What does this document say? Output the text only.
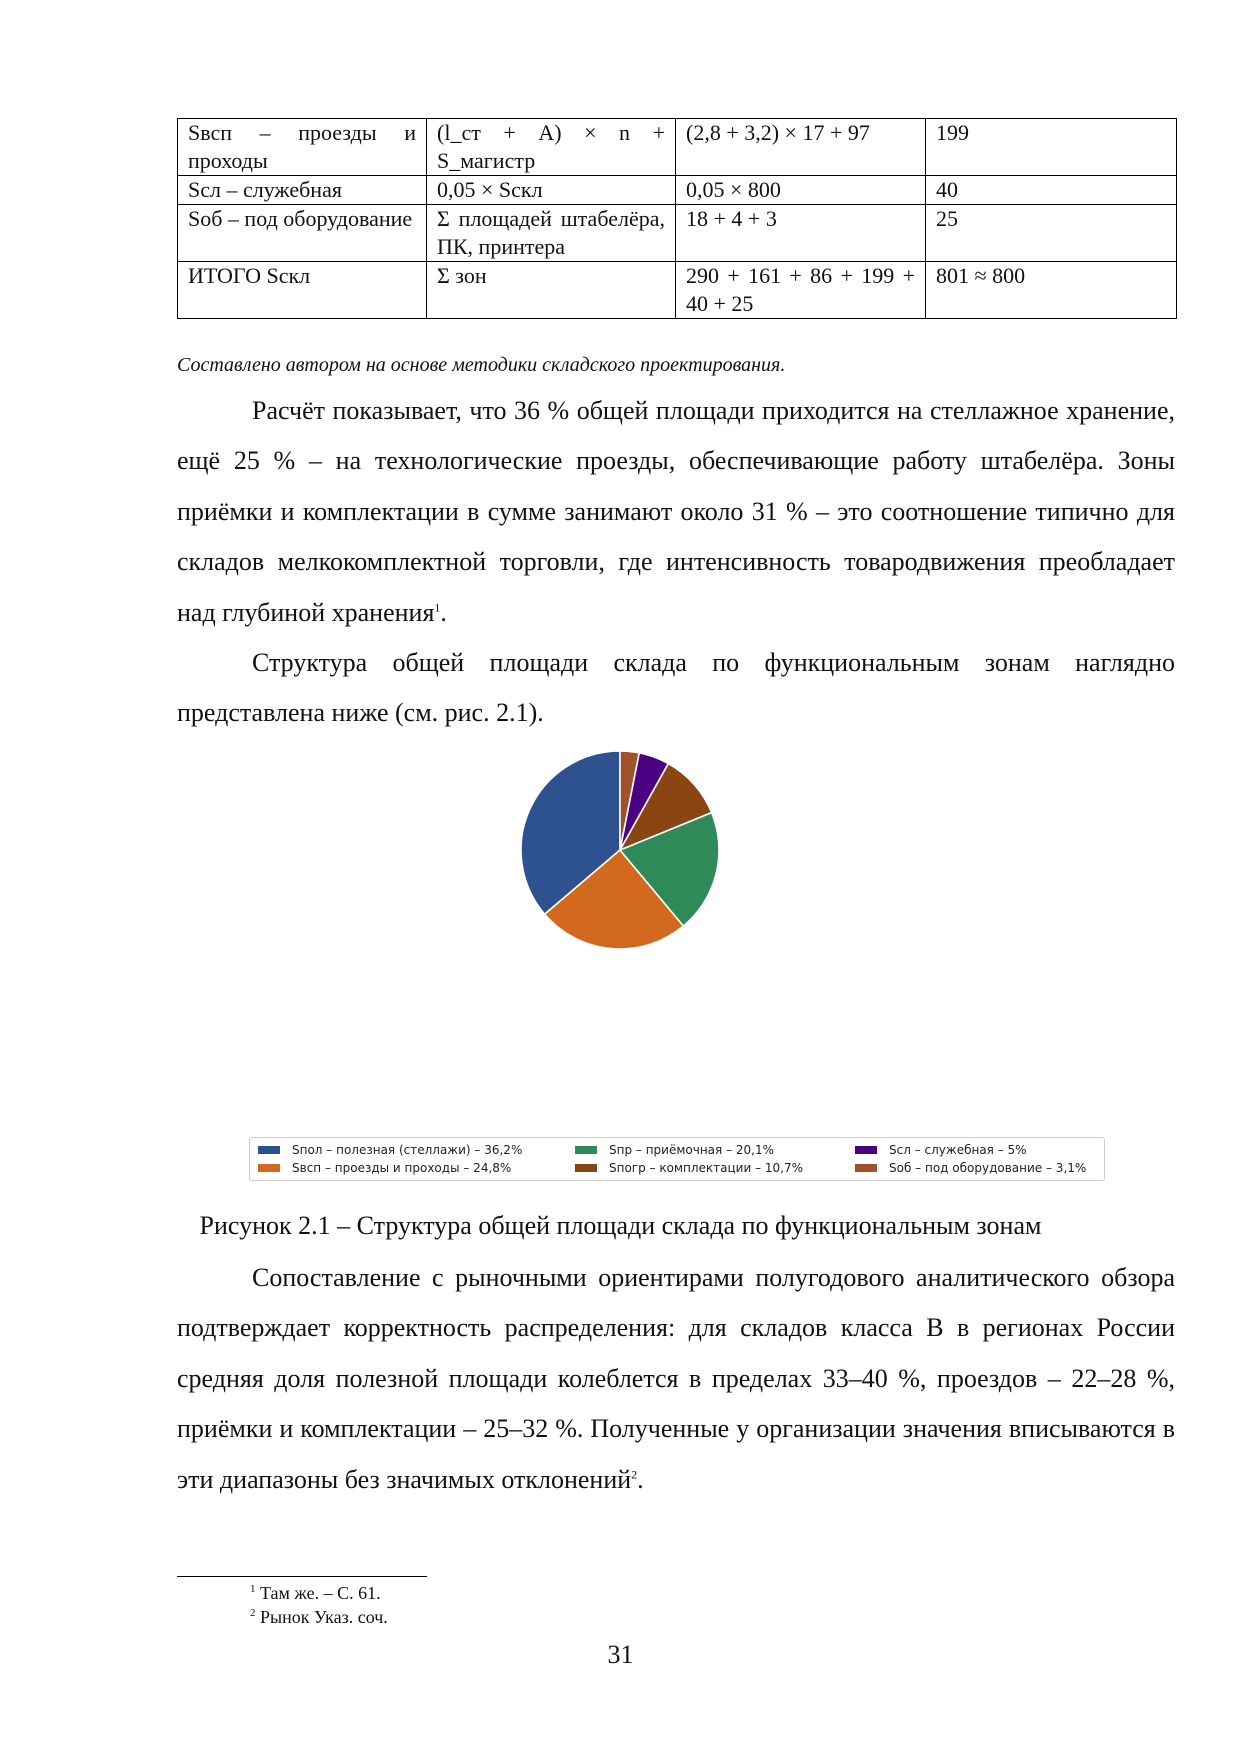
Sвсп – проезды и проходы	(l_ст + А) × n + S_магистр	(2,8 + 3,2) × 17 + 97	199
Sсл – служебная	0,05 × Sскл	0,05 × 800	40
Sоб – под оборудование	Σ площадей штабелёра, ПК, принтера	18 + 4 + 3	25
ИТОГО Sскл	Σ зон	290 + 161 + 86 + 199 + 40 + 25	801 ≈ 800
Составлено автором на основе методики складского проектирования.

Расчёт показывает, что 36 % общей площади приходится на стеллажное хранение, ещё 25 % – на технологические проезды, обеспечивающие работу штабелёра. Зоны приёмки и комплектации в сумме занимают около 31 % – это соотношение типично для складов мелкокомплектной торговли, где интенсивность товародвижения преобладает над глубиной хранения$^1$.

Структура общей площади склада по функциональным зонам наглядно представлена ниже (см. рис. 2.1).

Sпол – полезная (стеллажи) – 36,2%
Sвсп – проезды и проходы – 24,8%
Sпр – приёмочная – 20,1%
Sпогр – комплектации – 10,7%
Sсл – служебная – 5%
Sоб – под оборудование – 3,1%
Рисунок 2.1 – Структура общей площади склада по функциональным зонам

Сопоставление с рыночными ориентирами полугодового аналитического обзора подтверждает корректность распределения: для складов класса B в регионах России средняя доля полезной площади колеблется в пределах 33–40 %, проездов – 22–28 %, приёмки и комплектации – 25–32 %. Полученные у организации значения вписываются в эти диапазоны без значимых отклонений$^2$.

$^1$ Там же. – С. 61.
$^2$ Рынок Указ. соч.
31
